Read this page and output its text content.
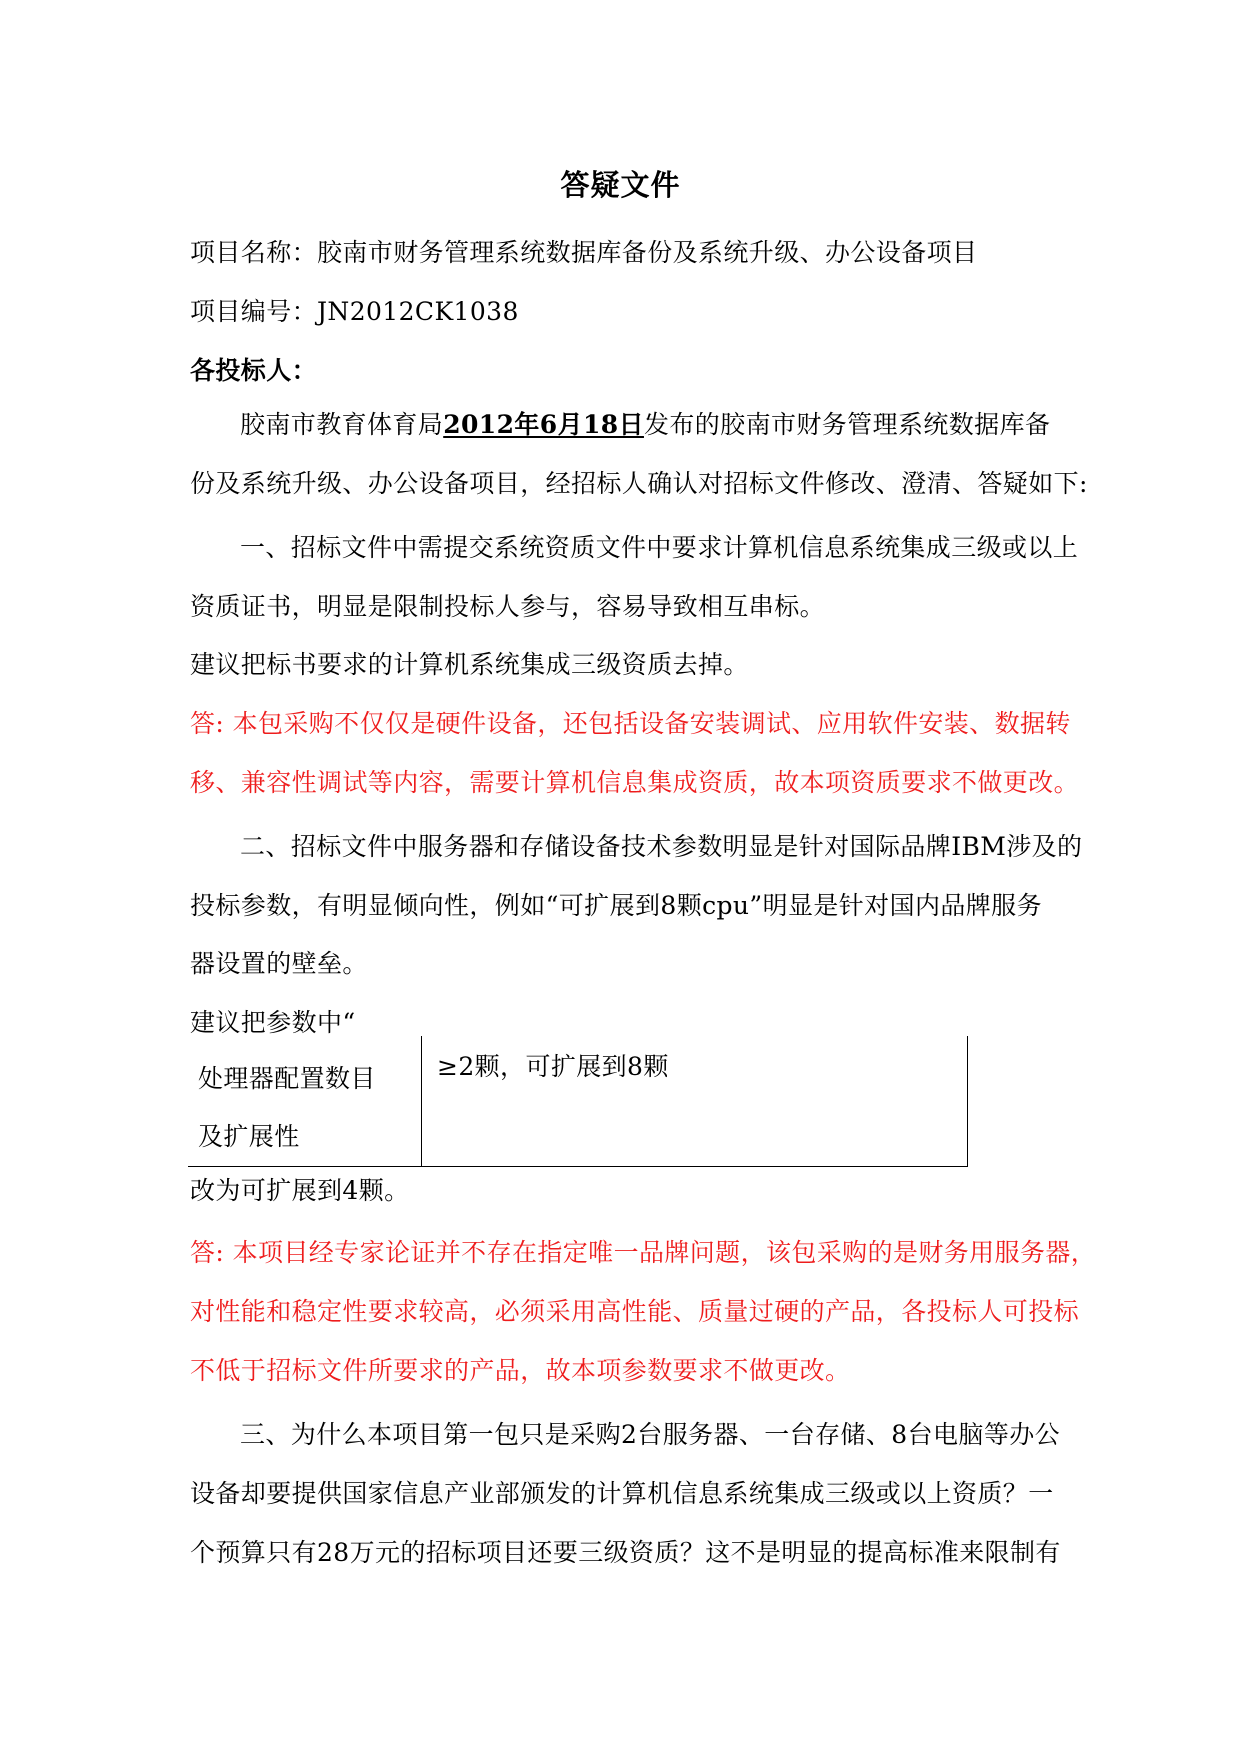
答疑文件

项目名称：胶南市财务管理系统数据库备份及系统升级、办公设备项目

项目编号：JN2012CK1038

各投标人：

胶南市教育体育局2012年6月18日发布的胶南市财务管理系统数据库备

份及系统升级、办公设备项目，经招标人确认对招标文件修改、澄清、答疑如下:

一、招标文件中需提交系统资质文件中要求计算机信息系统集成三级或以上

资质证书，明显是限制投标人参与，容易导致相互串标。

建议把标书要求的计算机系统集成三级资质去掉。

答: 本包采购不仅仅是硬件设备，还包括设备安装调试、应用软件安装、数据转

移、兼容性调试等内容，需要计算机信息集成资质，故本项资质要求不做更改。

二、招标文件中服务器和存储设备技术参数明显是针对国际品牌IBM涉及的

投标参数，有明显倾向性，例如“可扩展到8颗cpu”明显是针对国内品牌服务

器设置的壁垒。

建议把参数中“

处理器配置数目
及扩展性
	≥2颗，可扩展到8颗

改为可扩展到4颗。

答: 本项目经专家论证并不存在指定唯一品牌问题，该包采购的是财务用服务器，

对性能和稳定性要求较高，必须采用高性能、质量过硬的产品，各投标人可投标

不低于招标文件所要求的产品，故本项参数要求不做更改。

三、为什么本项目第一包只是采购2台服务器、一台存储、8台电脑等办公

设备却要提供国家信息产业部颁发的计算机信息系统集成三级或以上资质？一

个预算只有28万元的招标项目还要三级资质？这不是明显的提高标准来限制有
